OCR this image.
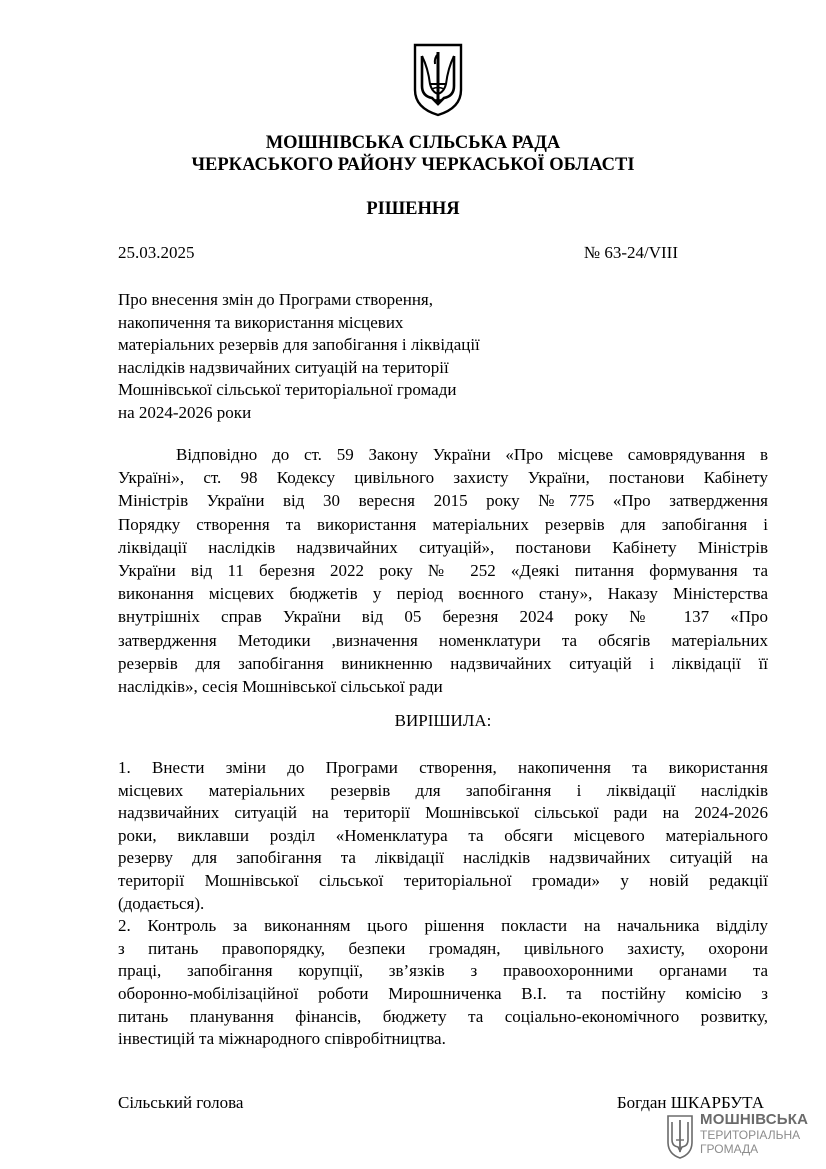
МОШНІВСЬКА СІЛЬСЬКА РАДА
ЧЕРКАСЬКОГО РАЙОНУ ЧЕРКАСЬКОЇ ОБЛАСТІ
РІШЕННЯ
25.03.2025	№ 63-24/VIII
Про внесення змін до Програми створення,
накопичення та використання місцевих
матеріальних резервів для запобігання і ліквідації
наслідків надзвичайних ситуацій на території
Мошнівської сільської територіальної громади
на 2024-2026 роки
Відповідно до ст. 59 Закону України «Про місцеве самоврядування в
Україні», ст. 98 Кодексу цивільного захисту України, постанови Кабінету
Міністрів України від 30 вересня 2015 року №775 «Про затвердження
Порядку створення та використання матеріальних резервів для запобігання і
ліквідації наслідків надзвичайних ситуацій», постанови Кабінету Міністрів
України від 11 березня 2022 року № 252 «Деякі питання формування та
виконання місцевих бюджетів у період воєнного стану», Наказу Міністерства
внутрішніх справ України від 05 березня 2024 року № 137 «Про
затвердження Методики ,визначення номенклатури та обсягів матеріальних
резервів для запобігання виникненню надзвичайних ситуацій і ліквідації її
наслідків», сесія Мошнівської сільської ради
ВИРІШИЛА:
1. Внести зміни до Програми створення, накопичення та використання
місцевих матеріальних резервів для запобігання і ліквідації наслідків
надзвичайних ситуацій на території Мошнівської сільської ради на 2024-2026
роки, виклавши розділ «Номенклатура та обсяги місцевого матеріального
резерву для запобігання та ліквідації наслідків надзвичайних ситуацій на
території Мошнівської сільської територіальної громади» у новій редакції
(додається).
2. Контроль за виконанням цього рішення покласти на начальника відділу
з питань правопорядку, безпеки громадян, цивільного захисту, охорони
праці, запобігання корупції, зв’язків з правоохоронними органами та
оборонно-мобілізаційної роботи Мирошниченка В.І. та постійну комісію з
питань планування фінансів, бюджету та соціально-економічного розвитку,
інвестицій та міжнародного співробітництва.
Сільський голова	Богдан ШКАРБУТА
МОШНІВСЬКА
ТЕРИТОРІАЛЬНА
ГРОМАДА
